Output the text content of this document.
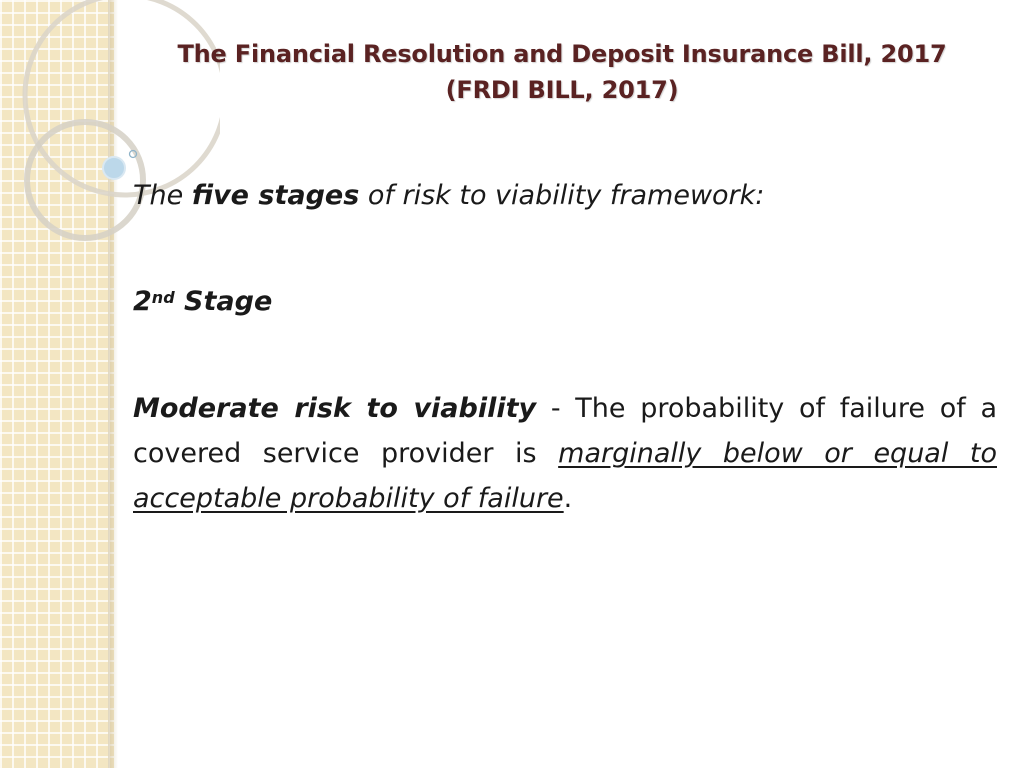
The Financial Resolution and Deposit Insurance Bill, 2017
(FRDI BILL, 2017)
The five stages of risk to viability framework:
2nd Stage
Moderate risk to viability - The probability of failure of a covered service provider is marginally below or equal to acceptable probability of failure.
